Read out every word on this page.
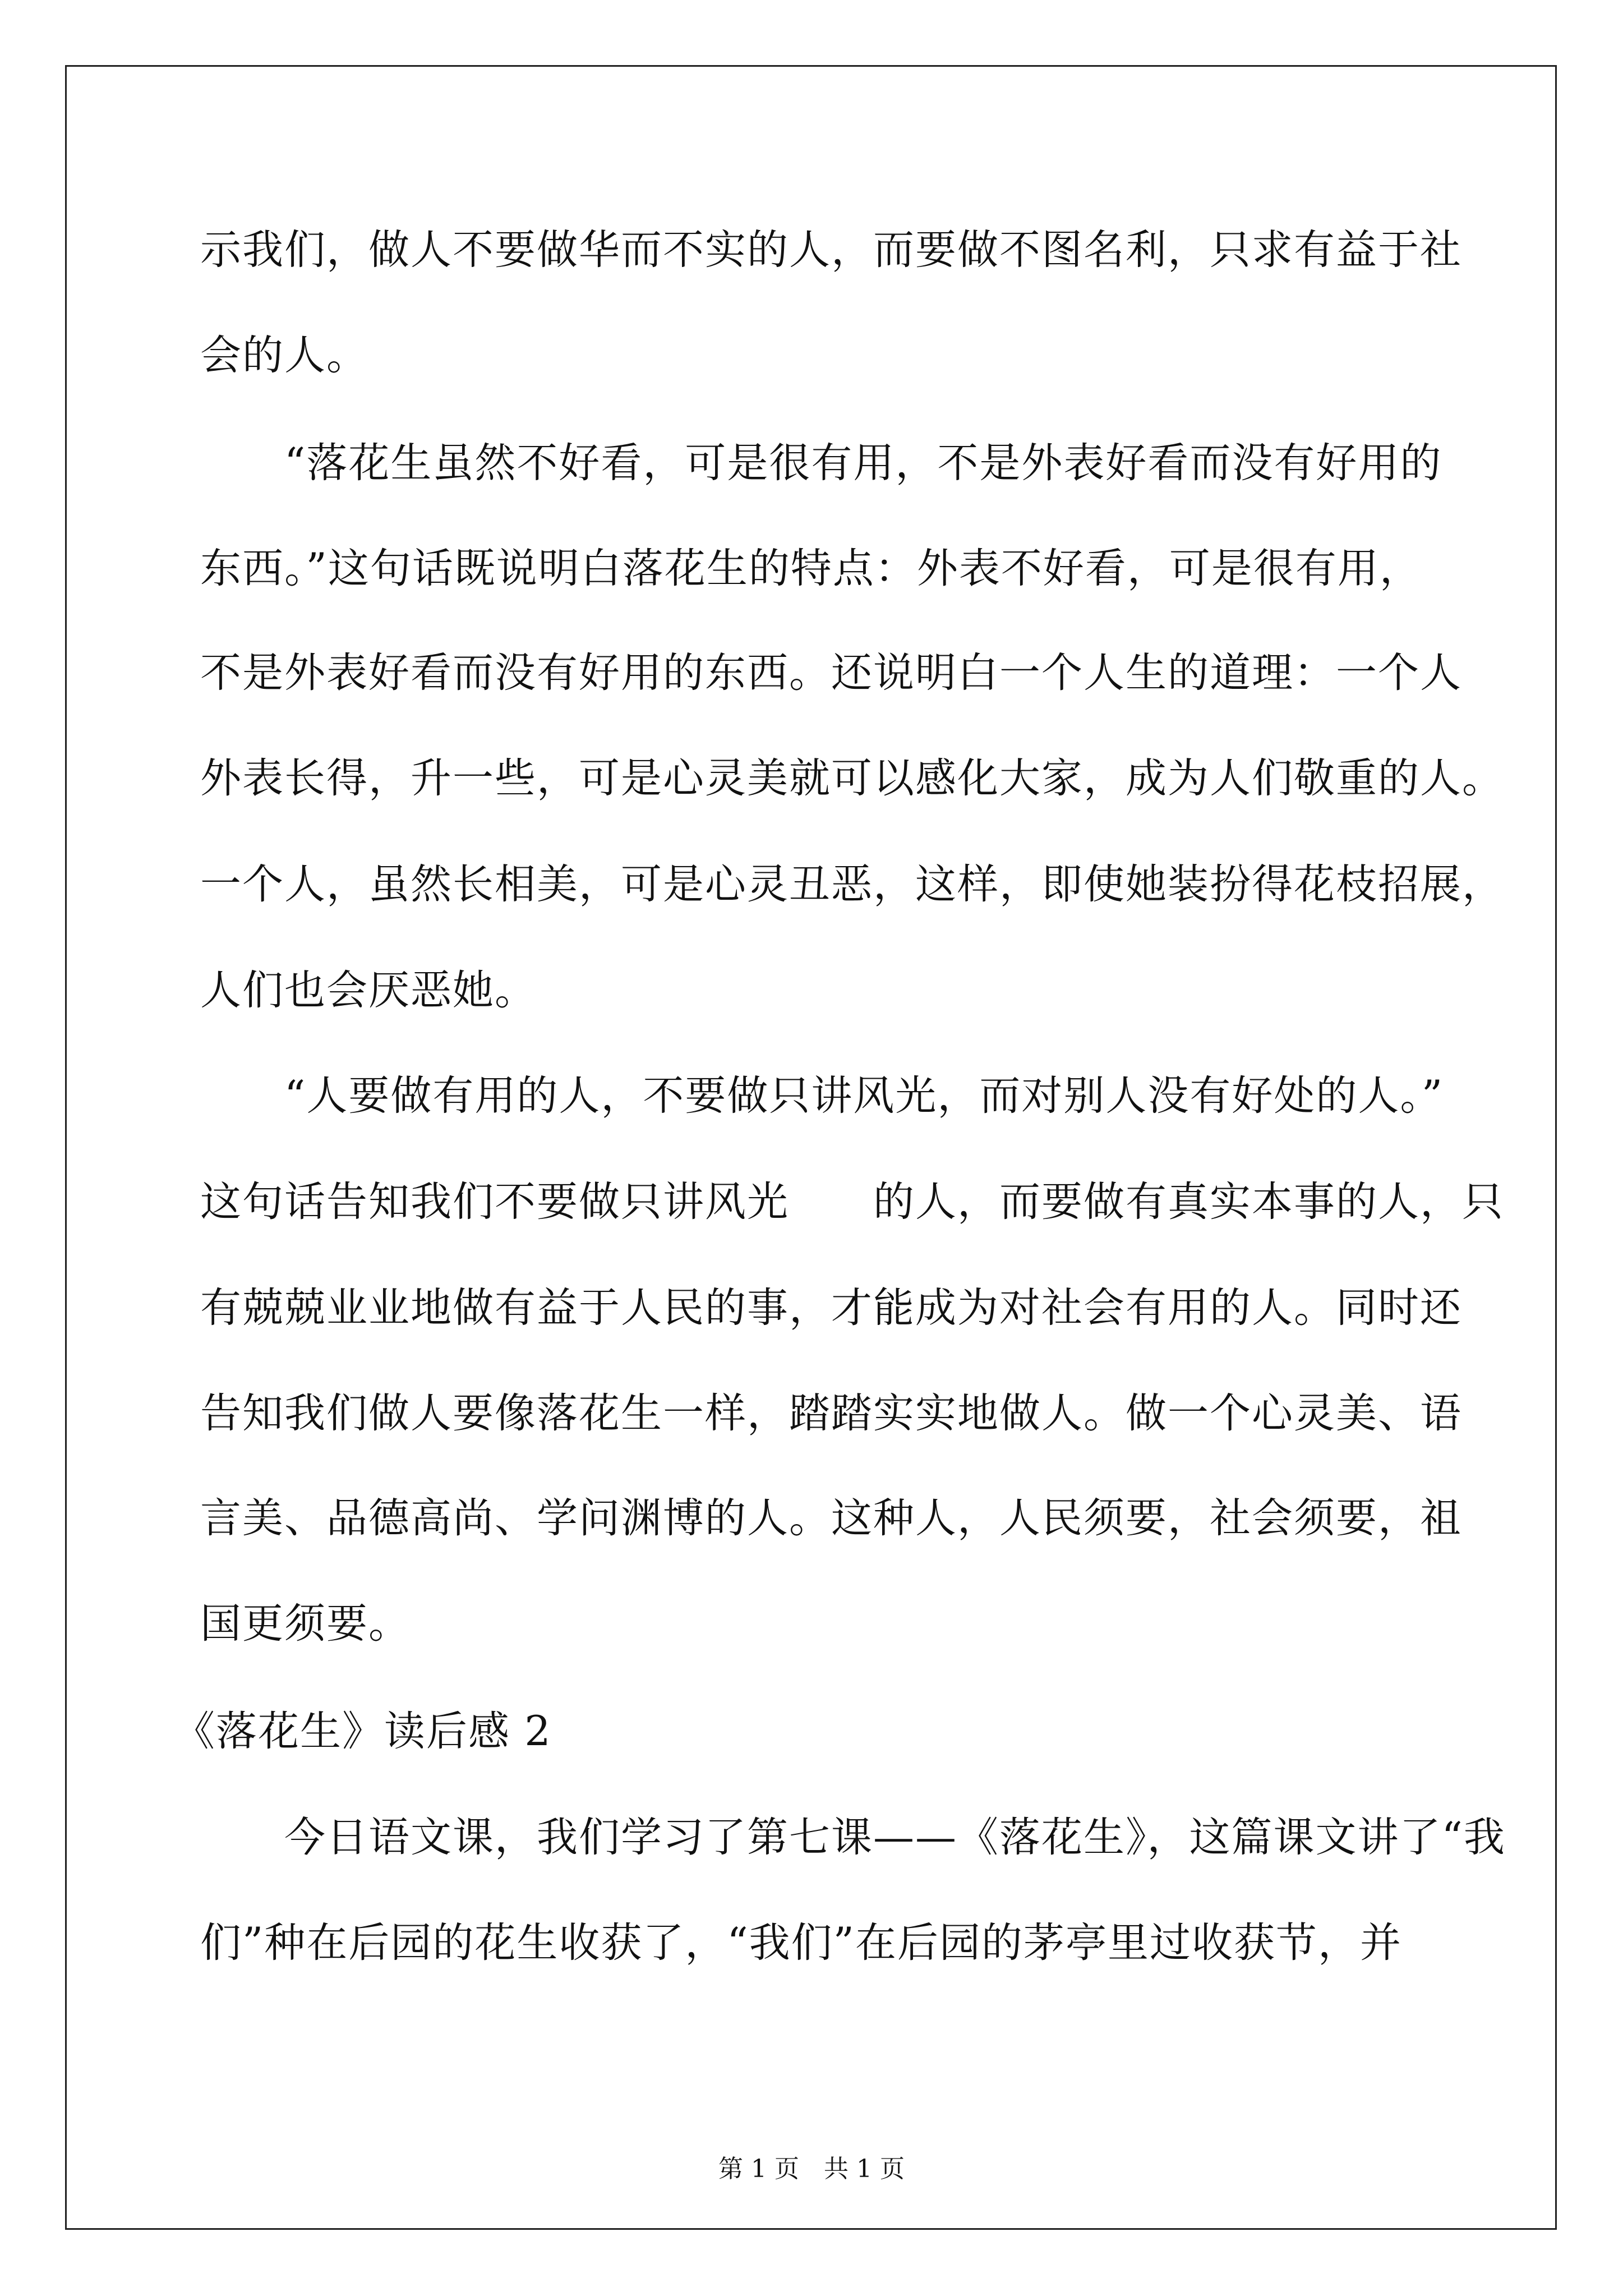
示我们，做人不要做华而不实的人，而要做不图名利，只求有益于社
会的人。
　　“落花生虽然不好看，可是很有用，不是外表好看而没有好用的
东西。”这句话既说明白落花生的特点：外表不好看，可是很有用，
不是外表好看而没有好用的东西。还说明白一个人生的道理：一个人
外表长得，升一些，可是心灵美就可以感化大家，成为人们敬重的人。
一个人，虽然长相美，可是心灵丑恶，这样，即使她装扮得花枝招展，
人们也会厌恶她。
　　“人要做有用的人，不要做只讲风光，而对别人没有好处的人。”
这句话告知我们不要做只讲风光　　的人，而要做有真实本事的人，只
有兢兢业业地做有益于人民的事，才能成为对社会有用的人。同时还
告知我们做人要像落花生一样，踏踏实实地做人。做一个心灵美、语
言美、品德高尚、学问渊博的人。这种人，人民须要，社会须要，祖
国更须要。
《落花生》读后感 2
　　今日语文课，我们学习了第七课——《落花生》，这篇课文讲了“我
们”种在后园的花生收获了，“我们”在后园的茅亭里过收获节，并
第 1 页　共 1 页
